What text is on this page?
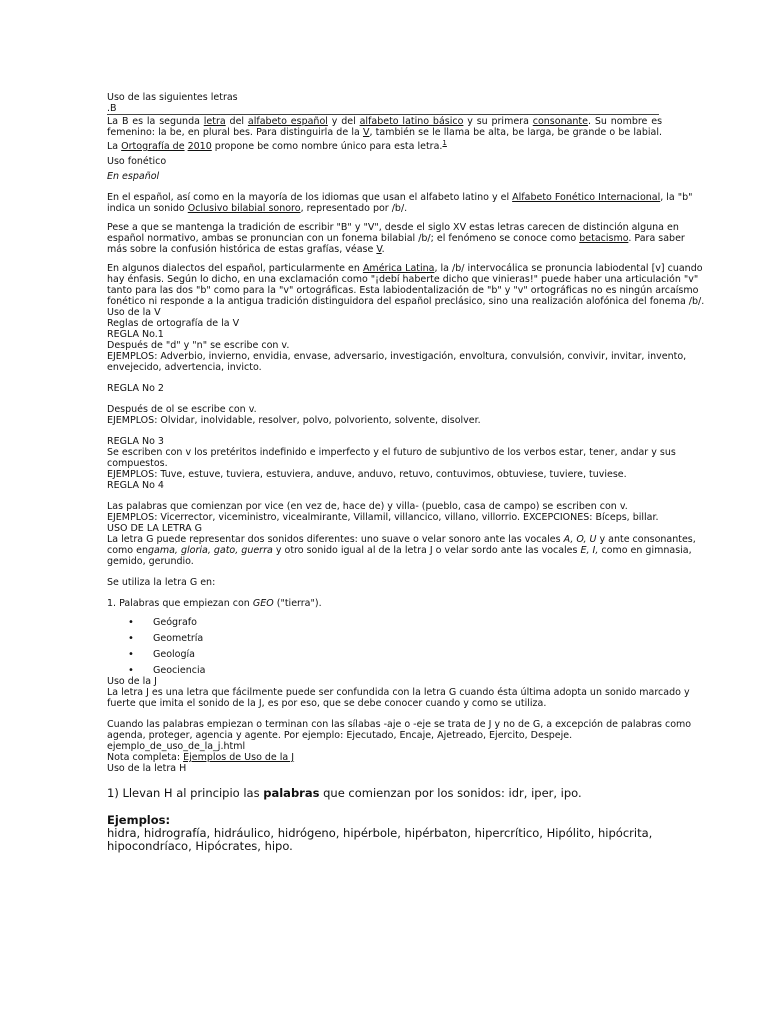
Uso de las siguientes letras
.B
La B es la segunda letra del alfabeto español y del alfabeto latino básico y su primera consonante. Su nombre es femenino: la be, en plural bes. Para distinguirla de la V, también se le llama be alta, be larga, be grande o be labial. La Ortografía de 2010 propone be como nombre único para esta letra.$^1$
Uso fonético
En español
En el español, así como en la mayoría de los idiomas que usan el alfabeto latino y el Alfabeto Fonético Internacional, la "b"
indica un sonido Oclusivo bilabial sonoro, representado por /b/.
Pese a que se mantenga la tradición de escribir "B" y "V", desde el siglo XV estas letras carecen de distinción alguna en
español normativo, ambas se pronuncian con un fonema bilabial /b/; el fenómeno se conoce como betacismo. Para saber
más sobre la confusión histórica de estas grafías, véase V.
En algunos dialectos del español, particularmente en América Latina, la /b/ intervocálica se pronuncia labiodental [v] cuando
hay énfasis. Según lo dicho, en una exclamación como "¡debí haberte dicho que vinieras!" puede haber una articulación "v"
tanto para las dos "b" como para la "v" ortográficas. Esta labiodentalización de "b" y "v" ortográficas no es ningún arcaísmo
fonético ni responde a la antigua tradición distinguidora del español preclásico, sino una realización alofónica del fonema /b/.
Uso de la V
Reglas de ortografía de la V
REGLA No.1
Después de "d" y "n" se escribe con v.
EJEMPLOS: Adverbio, invierno, envidia, envase, adversario, investigación, envoltura, convulsión, convivir, invitar, invento,
envejecido, advertencia, invicto.
REGLA No 2
Después de ol se escribe con v.
EJEMPLOS: Olvidar, inolvidable, resolver, polvo, polvoriento, solvente, disolver.
REGLA No 3
Se escriben con v los pretéritos indefinido e imperfecto y el futuro de subjuntivo de los verbos estar, tener, andar y sus
compuestos.
EJEMPLOS: Tuve, estuve, tuviera, estuviera, anduve, anduvo, retuvo, contuvimos, obtuviese, tuviere, tuviese.
REGLA No 4
Las palabras que comienzan por vice (en vez de, hace de) y villa- (pueblo, casa de campo) se escriben con v.
EJEMPLOS: Vicerrector, viceministro, vicealmirante, Villamil, villancico, villano, villorrio. EXCEPCIONES: Bíceps, billar.
USO DE LA LETRA G
La letra G puede representar dos sonidos diferentes: uno suave o velar sonoro ante las vocales A, O, U y ante consonantes,
como engama, gloria, gato, guerra y otro sonido igual al de la letra J o velar sordo ante las vocales E, I, como en gimnasia,
gemido, gerundio.
Se utiliza la letra G en:
1. Palabras que empiezan con GEO ("tierra").
• Geógrafo
• Geometría
• Geología
• Geociencia
Uso de la J
La letra J es una letra que fácilmente puede ser confundida con la letra G cuando ésta última adopta un sonido marcado y
fuerte que imita el sonido de la J, es por eso, que se debe conocer cuando y como se utiliza.
Cuando las palabras empiezan o terminan con las sílabas -aje o -eje se trata de J y no de G, a excepción de palabras como
agenda, proteger, agencia y agente. Por ejemplo: Ejecutado, Encaje, Ajetreado, Ejercito, Despeje.
ejemplo_de_uso_de_la_j.html
Nota completa: Ejemplos de Uso de la J
Uso de la letra H
1) Llevan H al principio las palabras que comienzan por los sonidos: idr, iper, ipo.
Ejemplos:
hidra, hidrografía, hidráulico, hidrógeno, hipérbole, hipérbaton, hipercrítico, Hipólito, hipócrita,
hipocondríaco, Hipócrates, hipo.
